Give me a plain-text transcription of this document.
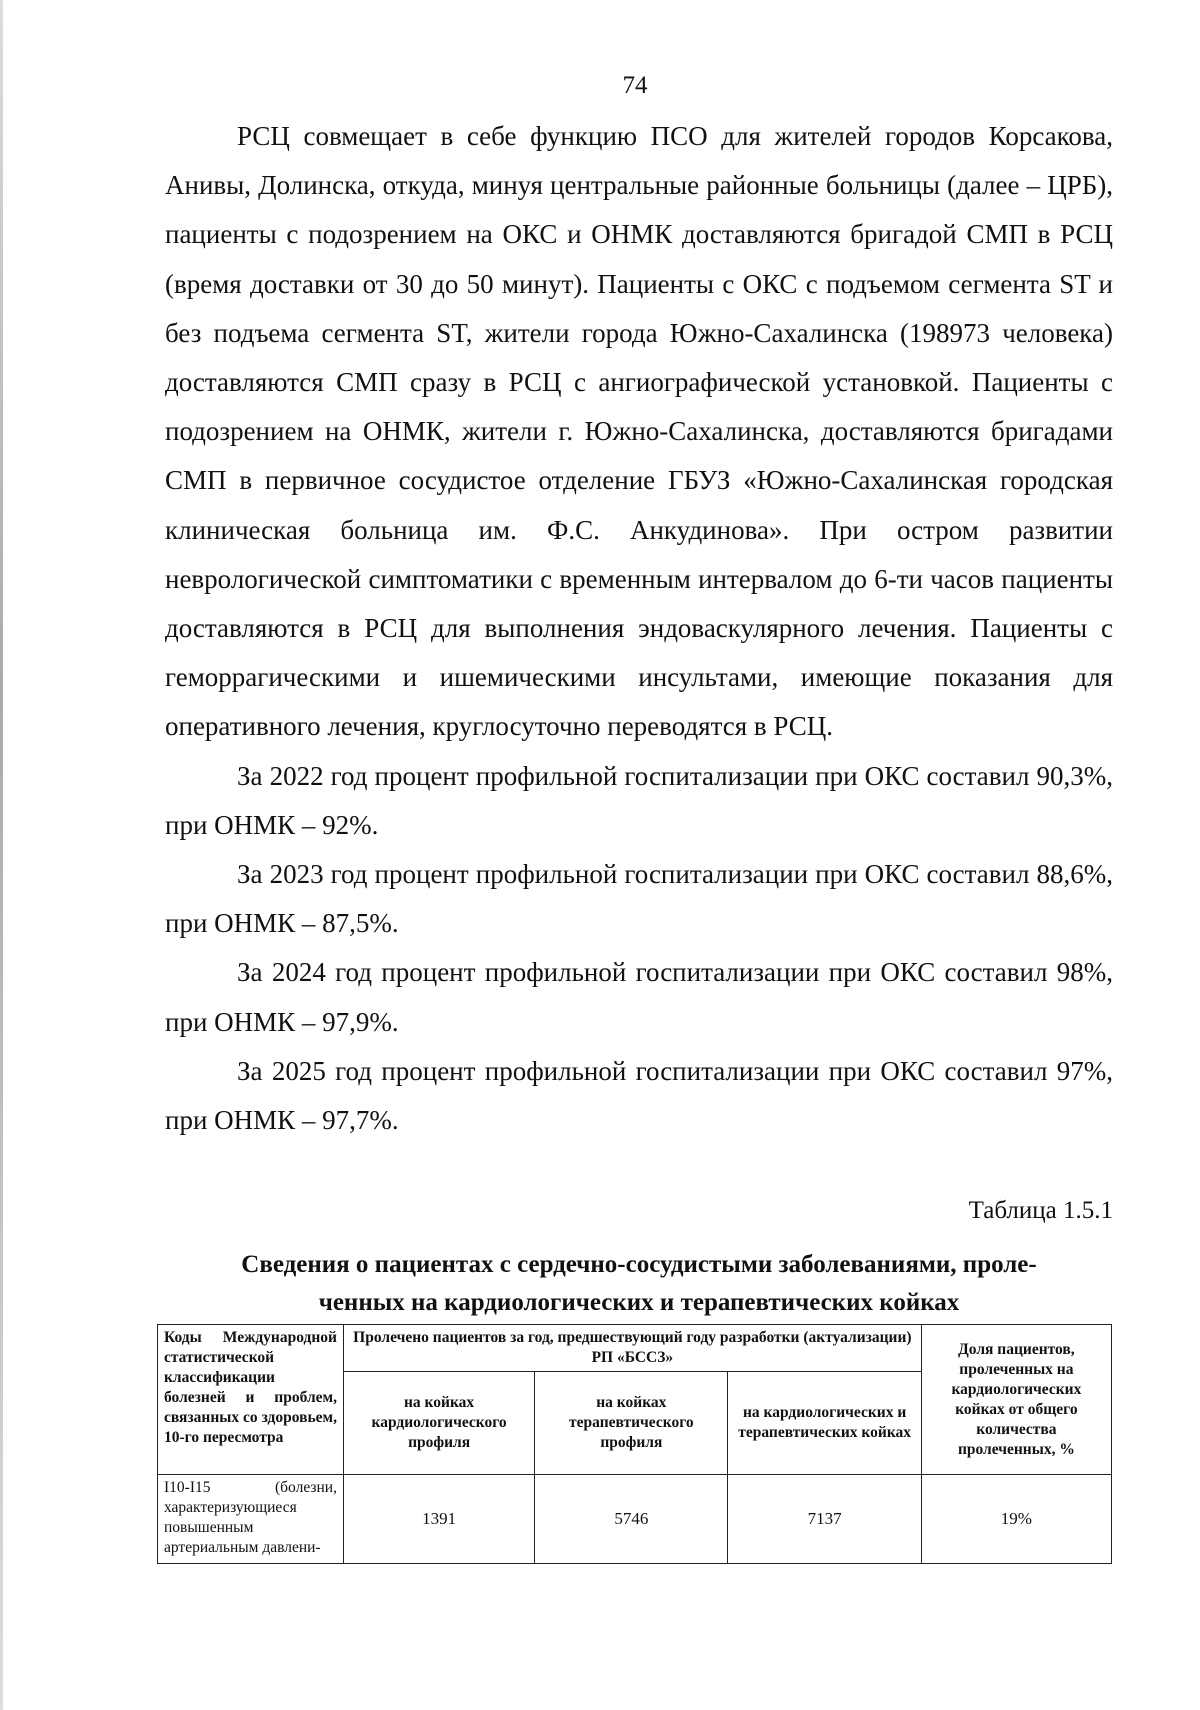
74

РСЦ совмещает в себе функцию ПСО для жителей городов Корсакова, Анивы, Долинска, откуда, минуя центральные районные больницы (далее – ЦРБ), пациенты с подозрением на ОКС и ОНМК доставляются бригадой СМП в РСЦ (время доставки от 30 до 50 минут). Пациенты с ОКС с подъемом сегмента ST и без подъема сегмента ST, жители города Южно-Сахалинска (198973 человека) доставляются СМП сразу в РСЦ с ангиографической установкой. Пациенты с подозрением на ОНМК, жители г. Южно-Сахалинска, доставляются бригадами СМП в первичное сосудистое отделение ГБУЗ «Южно-Сахалинская городская клиническая больница им. Ф.С. Анкудинова». При остром развитии неврологической симптоматики с временным интервалом до 6-ти часов пациенты доставляются в РСЦ для выполнения эндоваскулярного лечения. Пациенты с геморрагическими и ишемическими инсультами, имеющие показания для оперативного лечения, круглосуточно переводятся в РСЦ.

За 2022 год процент профильной госпитализации при ОКС составил 90,3%, при ОНМК – 92%.

За 2023 год процент профильной госпитализации при ОКС составил 88,6%, при ОНМК – 87,5%.

За 2024 год процент профильной госпитализации при ОКС составил 98%, при ОНМК – 97,9%.

За 2025 год процент профильной госпитализации при ОКС составил 97%, при ОНМК – 97,7%.

Таблица 1.5.1
Сведения о пациентах с сердечно-сосудистыми заболеваниями, проле-
ченных на кардиологических и терапевтических койках
Коды Международной статистической классификации болезней и проблем, связанных со здоровьем, 10-го пересмотра	Пролечено пациентов за год, предшествующий году разработки (актуализации) РП «БССЗ»			Доля пациентов, пролеченных на кардиологических койках от общего количества пролеченных, %
	на койках кардиологического профиля	на койках терапевтического профиля	на кардиологических и терапевтических койках	
I10-I15 (болезни, характеризующиеся повышенным артериальным давлени-	1391	5746	7137	19%
